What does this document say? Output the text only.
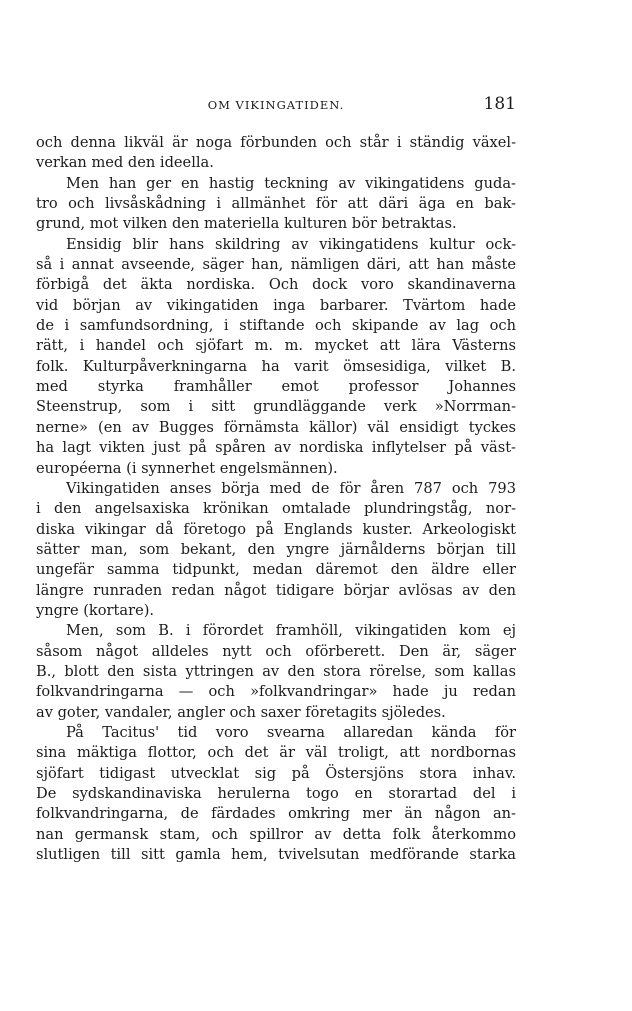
OM VIKINGATIDEN.	181
och denna likväl är noga förbunden och står i ständig växel-
verkan med den ideella.
Men han ger en hastig teckning av vikingatidens guda-
tro och livsåskådning i allmänhet för att däri äga en bak-
grund, mot vilken den materiella kulturen bör betraktas.
Ensidig blir hans skildring av vikingatidens kultur ock-
så i annat avseende, säger han, nämligen däri, att han måste
förbigå det äkta nordiska. Och dock voro skandinaverna
vid början av vikingatiden inga barbarer. Tvärtom hade
de i samfundsordning, i stiftande och skipande av lag och
rätt, i handel och sjöfart m. m. mycket att lära Västerns
folk. Kulturpåverkningarna ha varit ömsesidiga, vilket B.
med styrka framhåller emot professor Johannes
Steenstrup, som i sitt grundläggande verk »Norrman-
nerne» (en av Bugges förnämsta källor) väl ensidigt tyckes
ha lagt vikten just på spåren av nordiska inflytelser på väst-
européerna (i synnerhet engelsmännen).
Vikingatiden anses börja med de för åren 787 och 793
i den angelsaxiska krönikan omtalade plundringståg, nor-
diska vikingar då företogo på Englands kuster. Arkeologiskt
sätter man, som bekant, den yngre järnålderns början till
ungefär samma tidpunkt, medan däremot den äldre eller
längre runraden redan något tidigare börjar avlösas av den
yngre (kortare).
Men, som B. i förordet framhöll, vikingatiden kom ej
såsom något alldeles nytt och oförberett. Den är, säger
B., blott den sista yttringen av den stora rörelse, som kallas
folkvandringarna — och »folkvandringar» hade ju redan
av goter, vandaler, angler och saxer företagits sjöledes.
På Tacitus' tid voro svearna allaredan kända för
sina mäktiga flottor, och det är väl troligt, att nordbornas
sjöfart tidigast utvecklat sig på Östersjöns stora inhav.
De sydskandinaviska herulerna togo en storartad del i
folkvandringarna, de färdades omkring mer än någon an-
nan germansk stam, och spillror av detta folk återkommo
slutligen till sitt gamla hem, tvivelsutan medförande starka
